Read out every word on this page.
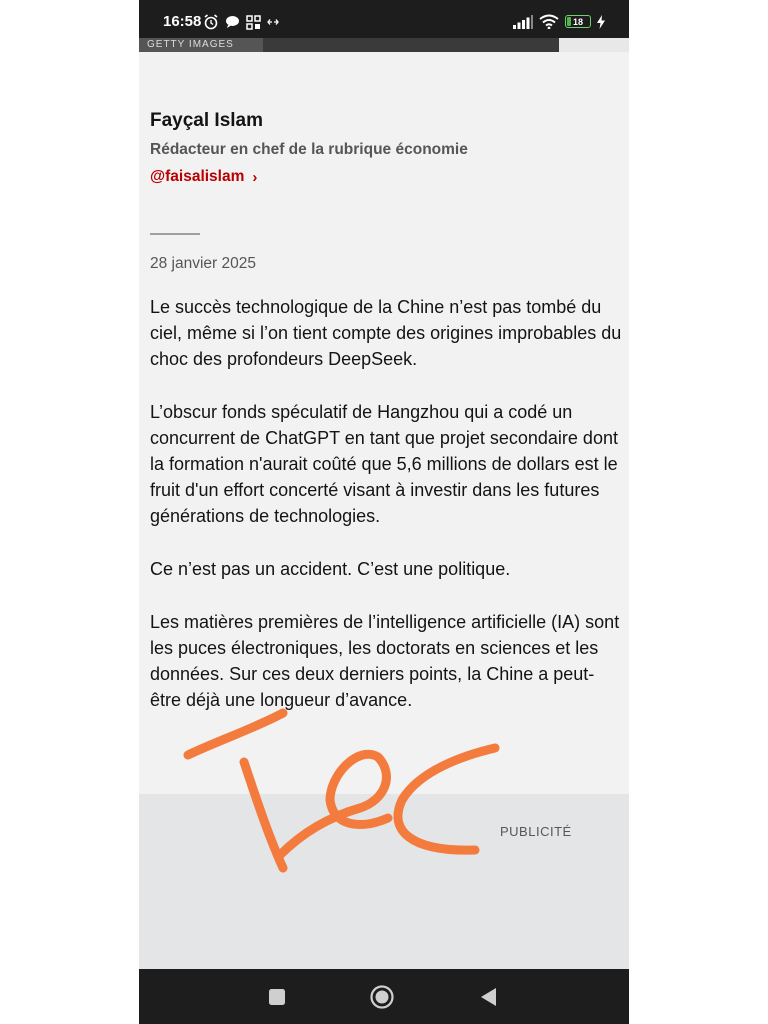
16:58	18
GETTY IMAGES
Fayçal Islam
Rédacteur en chef de la rubrique économie
@faisalislam ›
28 janvier 2025

Le succès technologique de la Chine n’est pas tombé du ciel, même si l’on tient compte des origines improbables du choc des profondeurs DeepSeek.

L’obscur fonds spéculatif de Hangzhou qui a codé un concurrent de ChatGPT en tant que projet secondaire dont la formation n'aurait coûté que 5,6 millions de dollars est le fruit d'un effort concerté visant à investir dans les futures générations de technologies.

Ce n’est pas un accident. C’est une politique.

Les matières premières de l’intelligence artificielle (IA) sont les puces électroniques, les doctorats en sciences et les données. Sur ces deux derniers points, la Chine a peut-être déjà une longueur d’avance.

PUBLICITÉ
